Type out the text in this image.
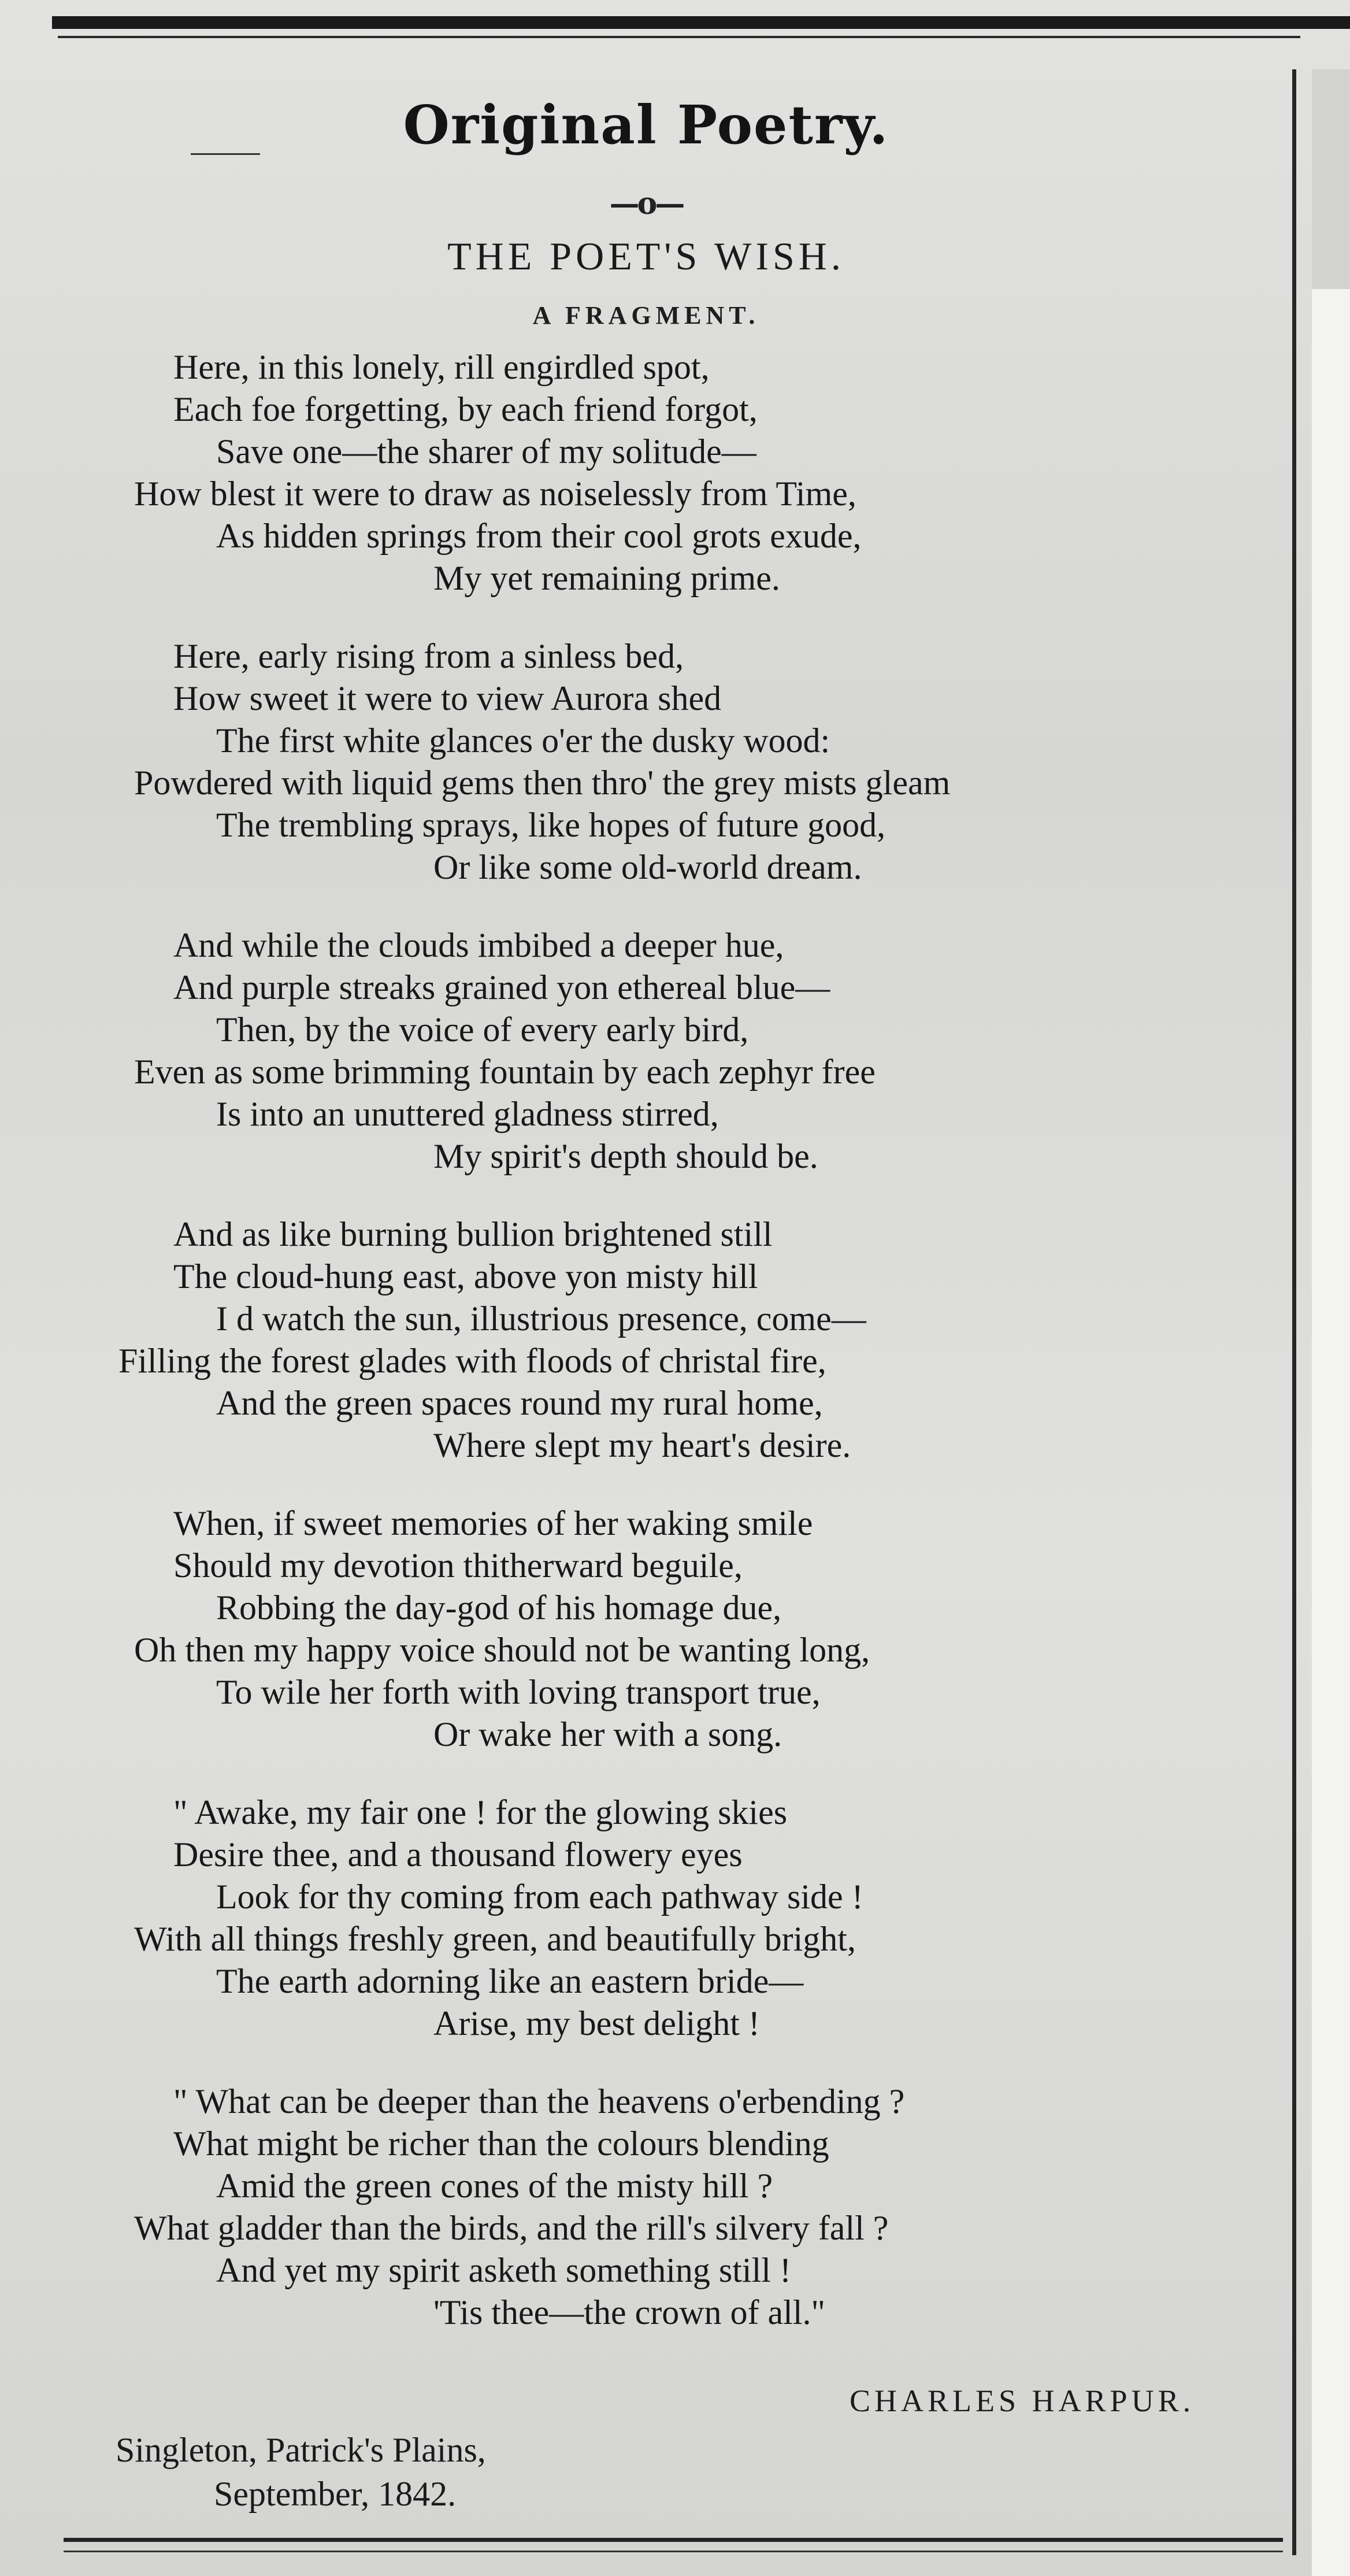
Original Poetry.
—o—
THE POET'S WISH.
A FRAGMENT.
Here, in this lonely, rill engirdled spot,
Each foe forgetting, by each friend forgot,
Save one—the sharer of my solitude—
How blest it were to draw as noiselessly from Time,
As hidden springs from their cool grots exude,
My yet remaining prime.
Here, early rising from a sinless bed,
How sweet it were to view Aurora shed
The first white glances o'er the dusky wood:
Powdered with liquid gems then thro' the grey mists gleam
The trembling sprays, like hopes of future good,
Or like some old-world dream.
And while the clouds imbibed a deeper hue,
And purple streaks grained yon ethereal blue—
Then, by the voice of every early bird,
Even as some brimming fountain by each zephyr free
Is into an unuttered gladness stirred,
My spirit's depth should be.
And as like burning bullion brightened still
The cloud-hung east, above yon misty hill
I d watch the sun, illustrious presence, come—
Filling the forest glades with floods of christal fire,
And the green spaces round my rural home,
Where slept my heart's desire.
When, if sweet memories of her waking smile
Should my devotion thitherward beguile,
Robbing the day-god of his homage due,
Oh then my happy voice should not be wanting long,
To wile her forth with loving transport true,
Or wake her with a song.
" Awake, my fair one ! for the glowing skies
Desire thee, and a thousand flowery eyes
Look for thy coming from each pathway side !
With all things freshly green, and beautifully bright,
The earth adorning like an eastern bride—
Arise, my best delight !
" What can be deeper than the heavens o'erbending ?
What might be richer than the colours blending
Amid the green cones of the misty hill ?
What gladder than the birds, and the rill's silvery fall ?
And yet my spirit asketh something still !
'Tis thee—the crown of all."
CHARLES HARPUR.
Singleton, Patrick's Plains,
September, 1842.
